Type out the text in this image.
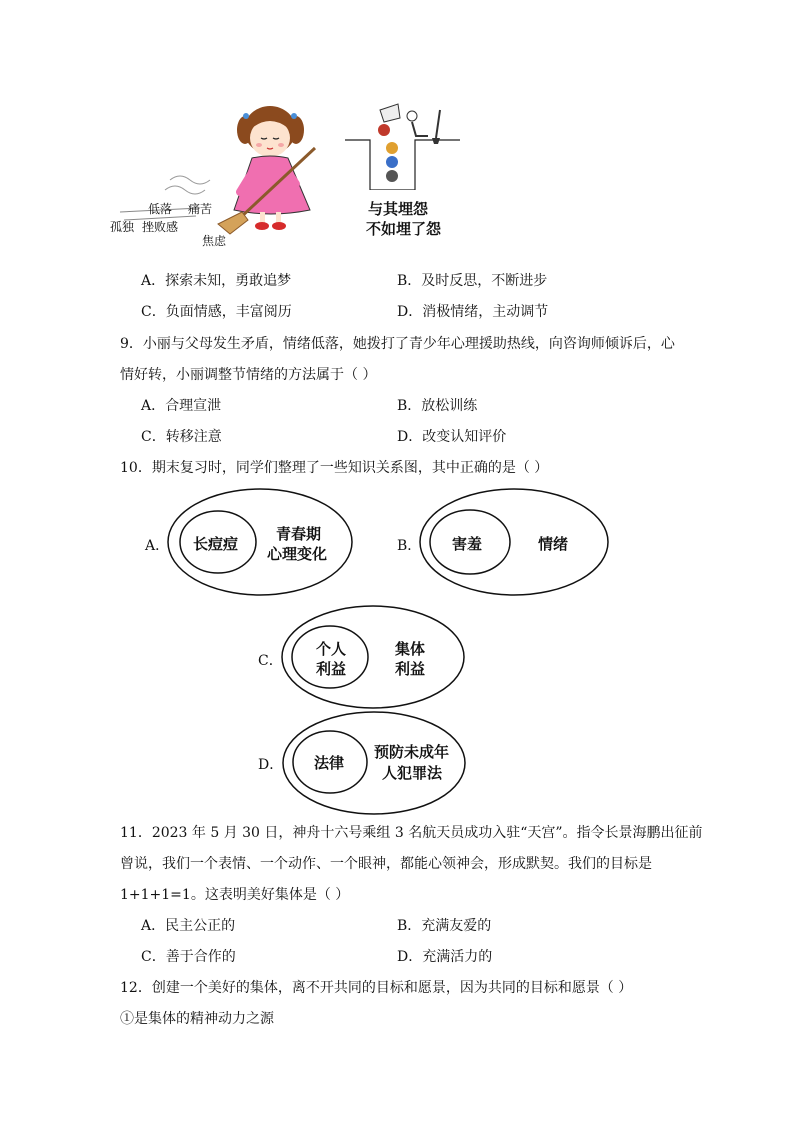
低落 痛苦
孤独 挫败感
焦虑
与其埋怨
不如埋了怨
A．探索未知，勇敢追梦	B．及时反思，不断进步
C．负面情感，丰富阅历	D．消极情绪，主动调节
9．小丽与父母发生矛盾，情绪低落，她拨打了青少年心理援助热线，向咨询师倾诉后，心
情好转，小丽调整节情绪的方法属于（ ）
A．合理宣泄	B．放松训练
C．转移注意	D．改变认知评价
10．期末复习时，同学们整理了一些知识关系图，其中正确的是（ ）
A． 长痘痘
青春期
心理变化	B． 害羞	情绪
C．
个人
利益
集体
利益
D． 法律
预防未成年
人犯罪法
11．2023 年 5 月 30 日，神舟十六号乘组 3 名航天员成功入驻“天宫”。指令长景海鹏出征前
曾说，我们一个表情、一个动作、一个眼神，都能心领神会，形成默契。我们的目标是
1+1+1=1。这表明美好集体是（ ）
A．民主公正的	B．充满友爱的
C．善于合作的	D．充满活力的
12．创建一个美好的集体，离不开共同的目标和愿景，因为共同的目标和愿景（ ）
①是集体的精神动力之源
